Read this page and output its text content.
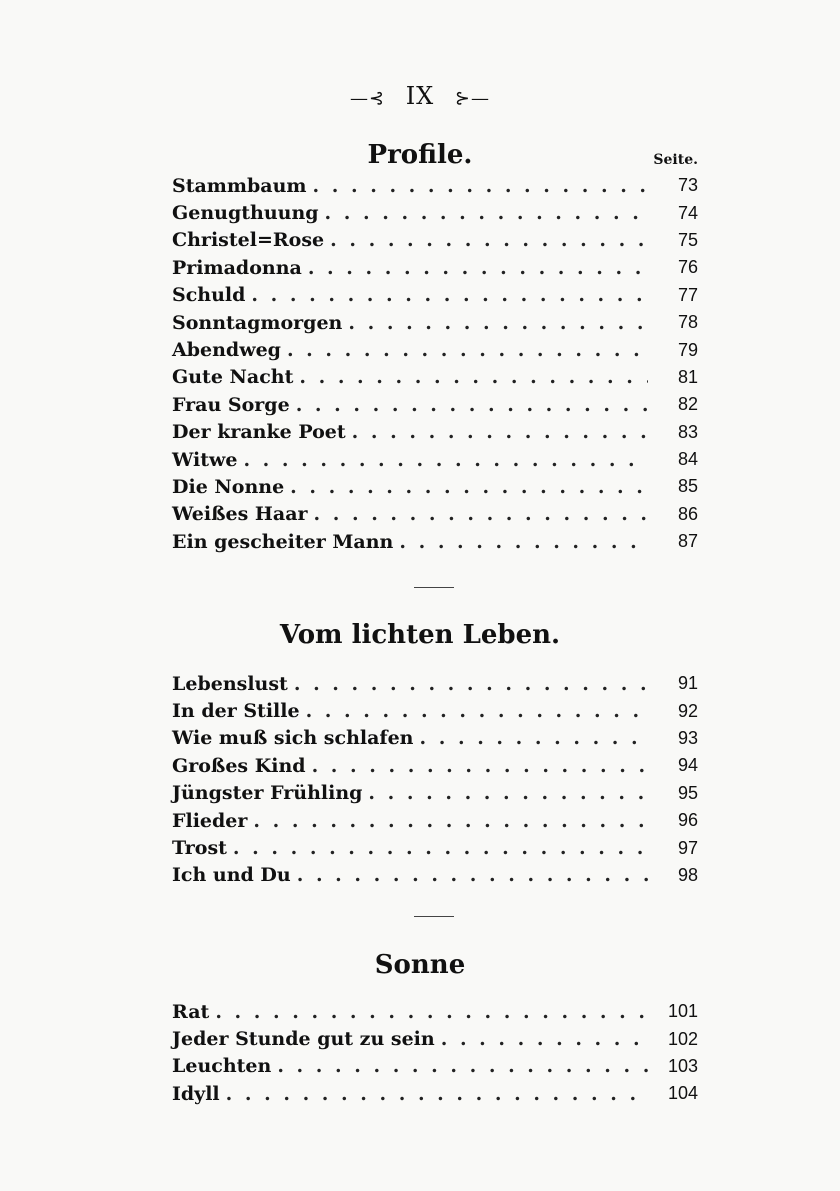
—⊰ IX ⊱—
Profile.	Seite.
Stammbaum . . .	73
Genugthuung . . .	74
Christel=Rose . . .	75
Primadonna . . .	76
Schuld . . .	77
Sonntagmorgen . . .	78
Abendweg . . .	79
Gute Nacht . . .	81
Frau Sorge . . .	82
Der kranke Poet . . .	83
Witwe . . .	84
Die Nonne . . .	85
Weißes Haar . . .	86
Ein gescheiter Mann . . .	87
Vom lichten Leben.
Lebenslust . . .	91
In der Stille . . .	92
Wie muß sich schlafen . . .	93
Großes Kind . . .	94
Jüngster Frühling . . .	95
Flieder . . .	96
Trost . . .	97
Ich und Du . . .	98
Sonne
Rat . . .	101
Jeder Stunde gut zu sein . . .	102
Leuchten . . .	103
Idyll . . .	104
